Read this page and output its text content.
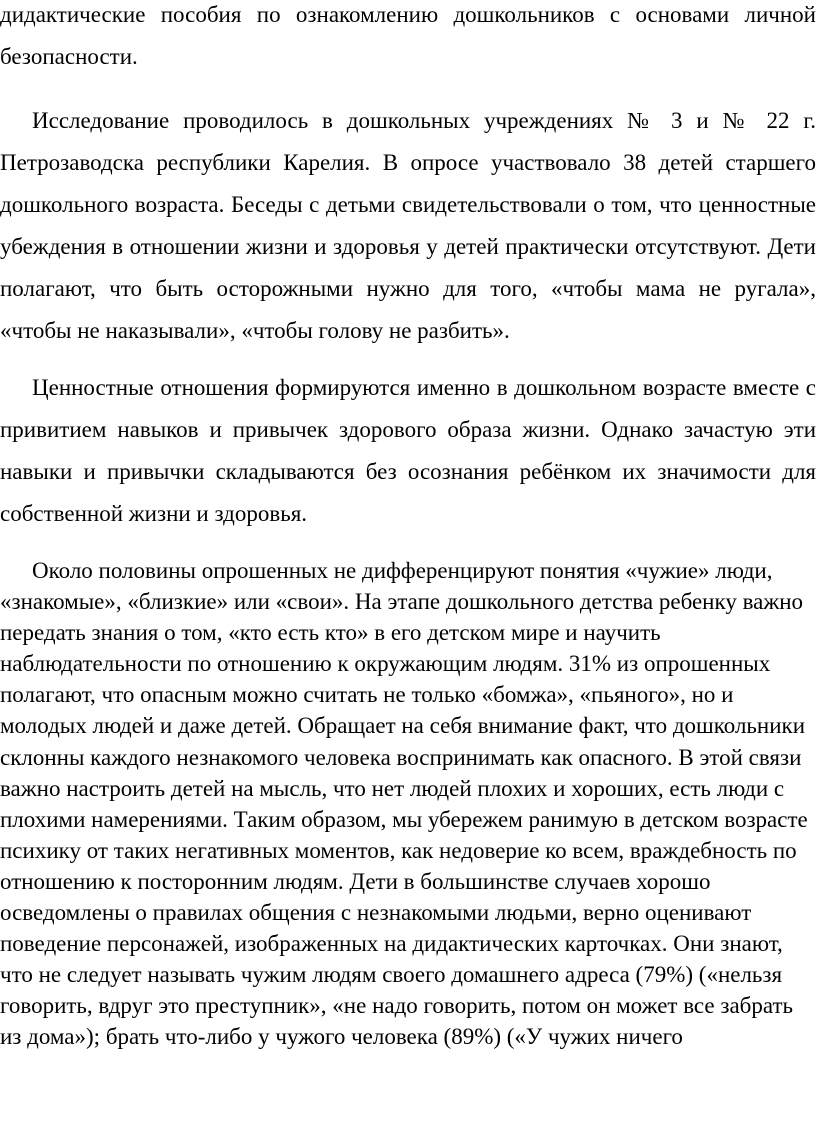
дидактические пособия по ознакомлению дошкольников с основами личной безопасности.

Исследование проводилось в дошкольных учреждениях № 3 и № 22 г. Петрозаводска республики Карелия. В опросе участвовало 38 детей старшего дошкольного возраста. Беседы с детьми свидетельствовали о том, что ценностные убеждения в отношении жизни и здоровья у детей практически отсутствуют. Дети полагают, что быть осторожными нужно для того, «чтобы мама не ругала», «чтобы не наказывали», «чтобы голову не разбить».

Ценностные отношения формируются именно в дошкольном возрасте вместе с привитием навыков и привычек здорового образа жизни. Однако зачастую эти навыки и привычки складываются без осознания ребёнком их значимости для собственной жизни и здоровья.

Около половины опрошенных не дифференцируют понятия «чужие» люди, «знакомые», «близкие» или «свои». На этапе дошкольного детства ребенку важно передать знания о том, «кто есть кто» в его детском мире и научить наблюдательности по отношению к окружающим людям. 31% из опрошенных полагают, что опасным можно считать не только «бомжа», «пьяного», но и молодых людей и даже детей. Обращает на себя внимание факт, что дошкольники склонны каждого незнакомого человека воспринимать как опасного. В этой связи важно настроить детей на мысль, что нет людей плохих и хороших, есть люди с плохими намерениями. Таким образом, мы убережем ранимую в детском возрасте психику от таких негативных моментов, как недоверие ко всем, враждебность по отношению к посторонним людям. Дети в большинстве случаев хорошо осведомлены о правилах общения с незнакомыми людьми, верно оценивают поведение персонажей, изображенных на дидактических карточках. Они знают, что не следует называть чужим людям своего домашнего адреса (79%) («нельзя говорить, вдруг это преступник», «не надо говорить, потом он может все забрать из дома»); брать что-либо у чужого человека (89%) («У чужих ничего
